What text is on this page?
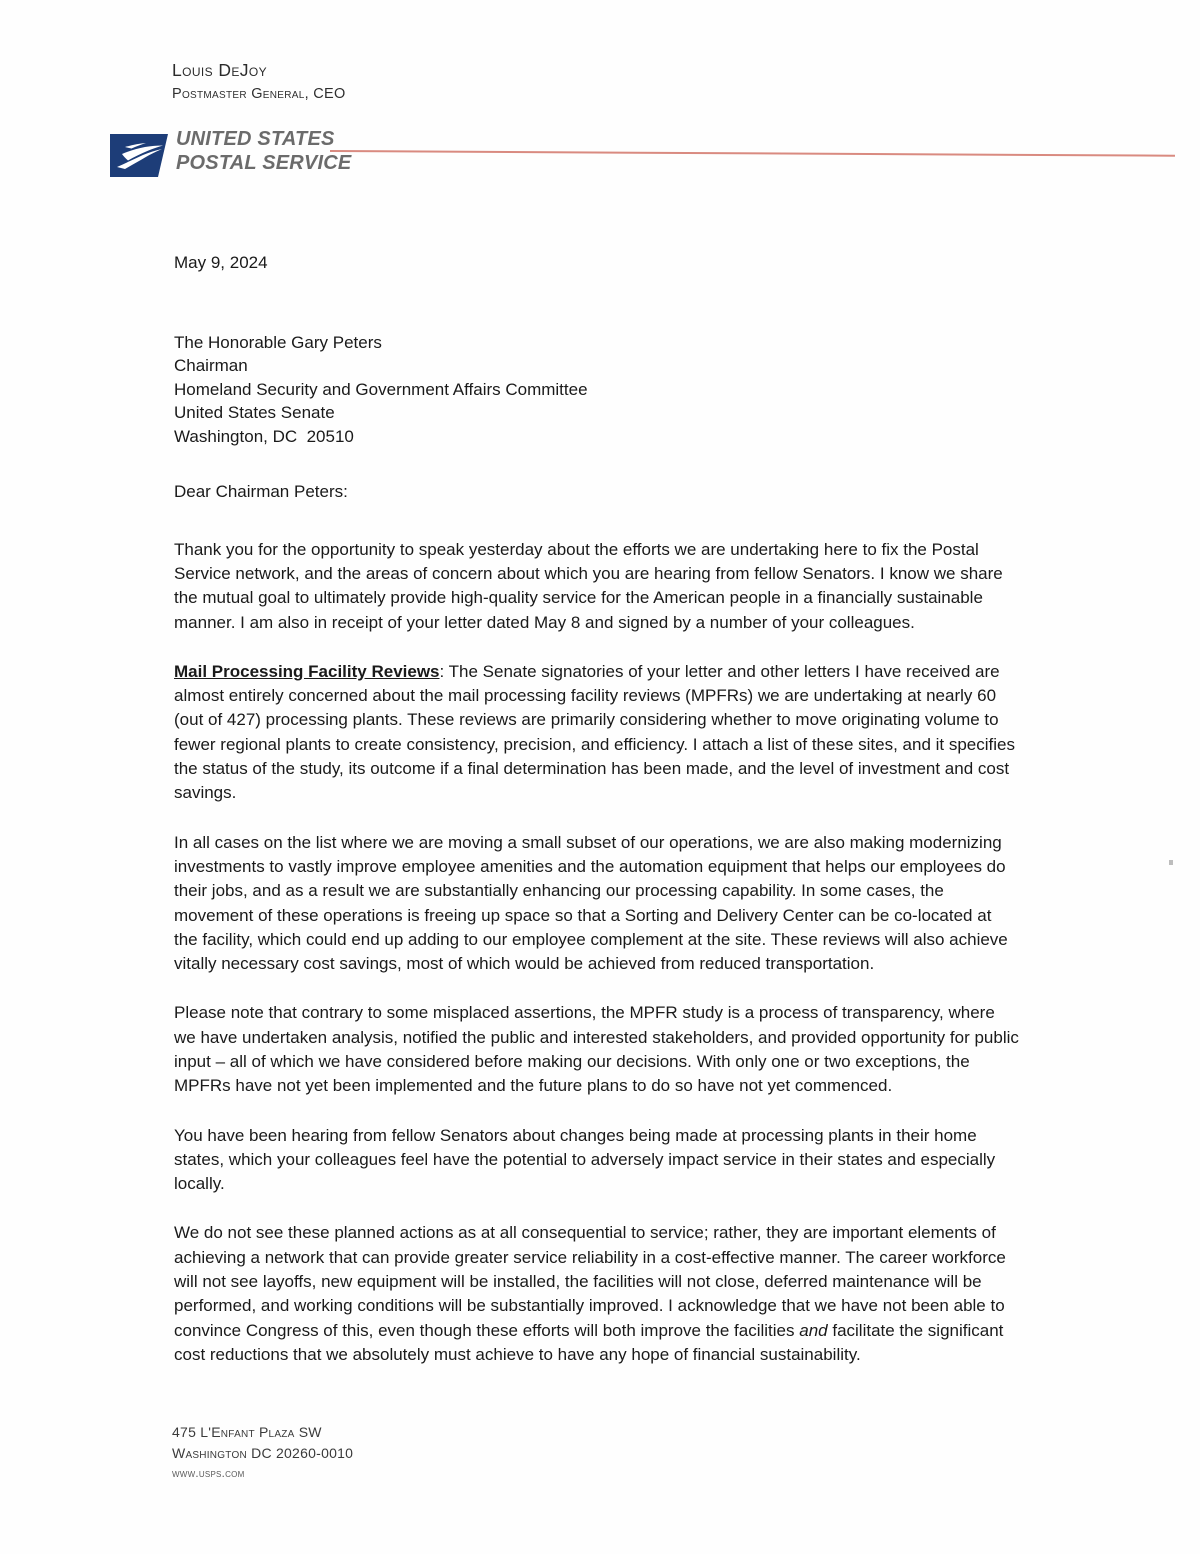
Louis DeJoy
Postmaster General, CEO
UNITED STATES
POSTAL SERVICE

May 9, 2024

The Honorable Gary Peters
Chairman
Homeland Security and Government Affairs Committee
United States Senate
Washington, DC  20510

Dear Chairman Peters:

Thank you for the opportunity to speak yesterday about the efforts we are undertaking here to fix the Postal Service network, and the areas of concern about which you are hearing from fellow Senators. I know we share the mutual goal to ultimately provide high-quality service for the American people in a financially sustainable manner. I am also in receipt of your letter dated May 8 and signed by a number of your colleagues.

Mail Processing Facility Reviews: The Senate signatories of your letter and other letters I have received are almost entirely concerned about the mail processing facility reviews (MPFRs) we are undertaking at nearly 60 (out of 427) processing plants. These reviews are primarily considering whether to move originating volume to fewer regional plants to create consistency, precision, and efficiency. I attach a list of these sites, and it specifies the status of the study, its outcome if a final determination has been made, and the level of investment and cost savings.

In all cases on the list where we are moving a small subset of our operations, we are also making modernizing investments to vastly improve employee amenities and the automation equipment that helps our employees do their jobs, and as a result we are substantially enhancing our processing capability. In some cases, the movement of these operations is freeing up space so that a Sorting and Delivery Center can be co-located at the facility, which could end up adding to our employee complement at the site. These reviews will also achieve vitally necessary cost savings, most of which would be achieved from reduced transportation.

Please note that contrary to some misplaced assertions, the MPFR study is a process of transparency, where we have undertaken analysis, notified the public and interested stakeholders, and provided opportunity for public input – all of which we have considered before making our decisions. With only one or two exceptions, the MPFRs have not yet been implemented and the future plans to do so have not yet commenced.

You have been hearing from fellow Senators about changes being made at processing plants in their home states, which your colleagues feel have the potential to adversely impact service in their states and especially locally.

We do not see these planned actions as at all consequential to service; rather, they are important elements of achieving a network that can provide greater service reliability in a cost-effective manner. The career workforce will not see layoffs, new equipment will be installed, the facilities will not close, deferred maintenance will be performed, and working conditions will be substantially improved. I acknowledge that we have not been able to convince Congress of this, even though these efforts will both improve the facilities and facilitate the significant cost reductions that we absolutely must achieve to have any hope of financial sustainability.

475 L'Enfant Plaza SW
Washington DC 20260-0010
www.usps.com
